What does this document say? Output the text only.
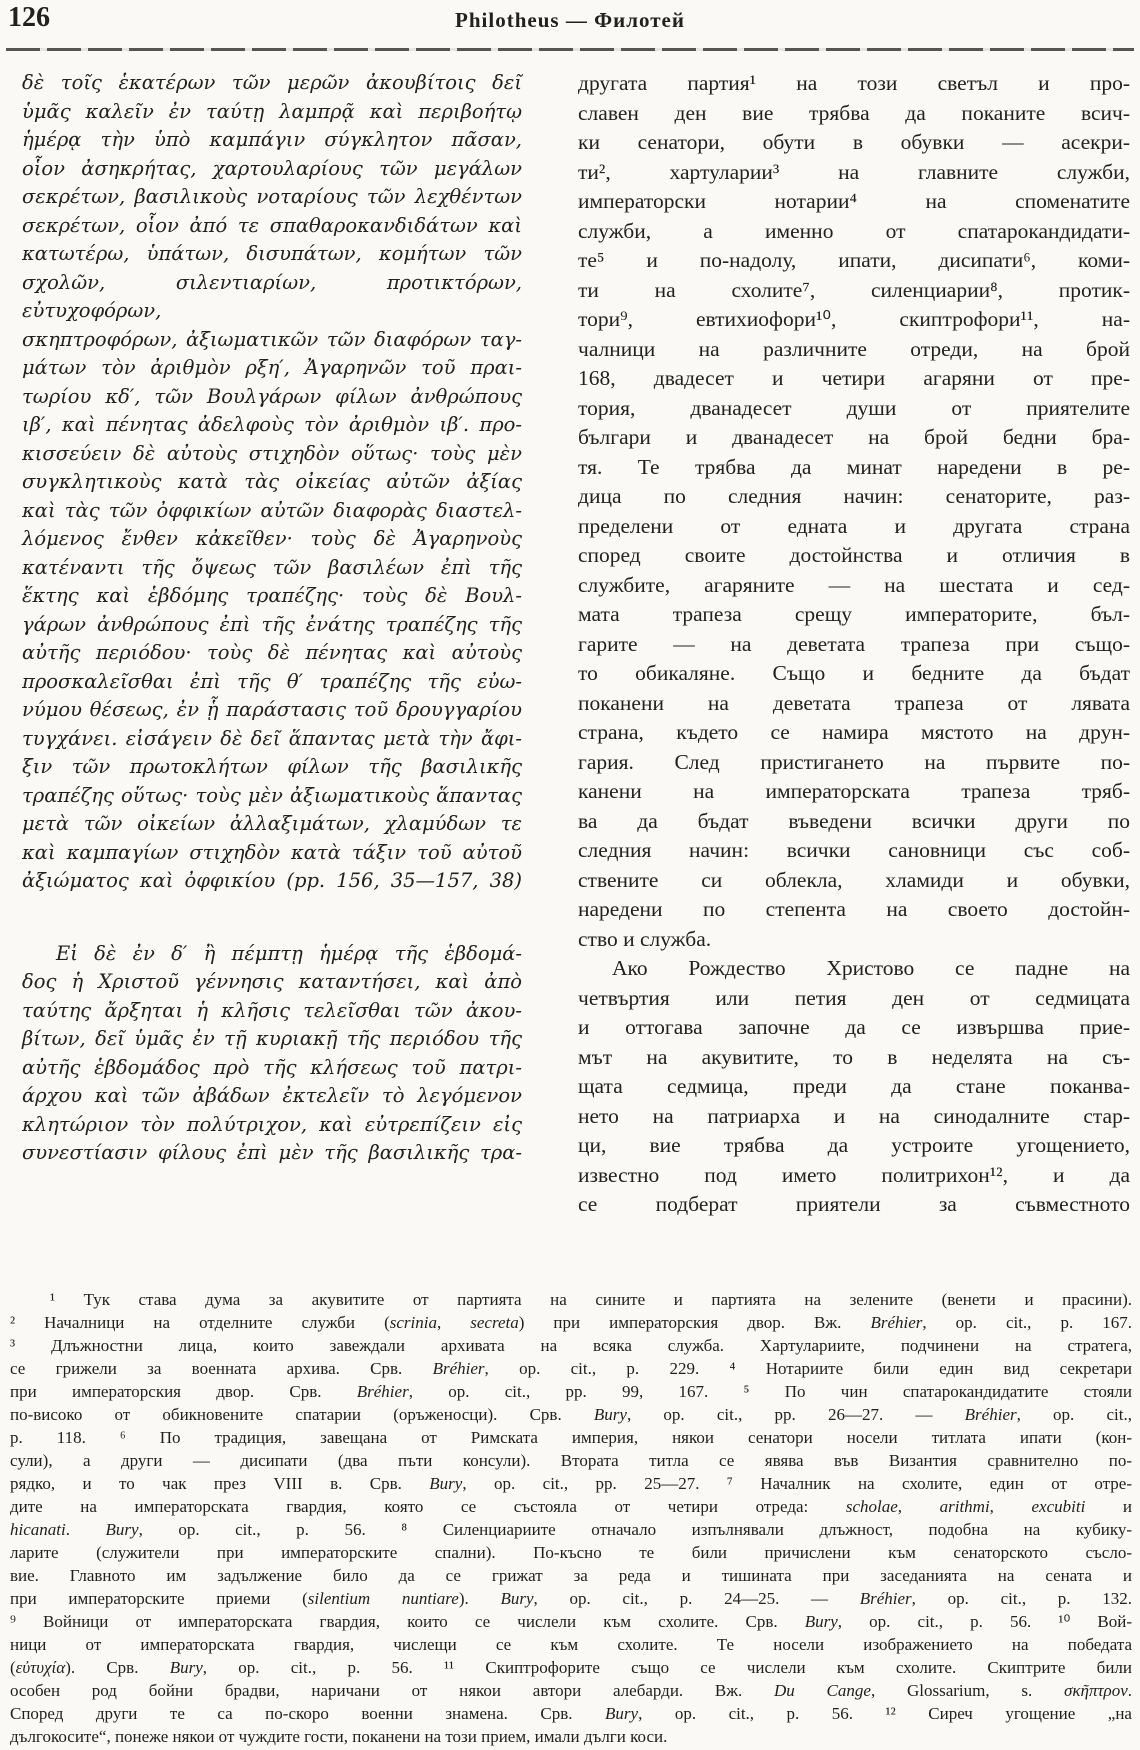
126	Philotheus — Филотей
δὲ τοῖς ἑκατέρων τῶν μερῶν ἀκουβίτοις δεῖ
ὑμᾶς καλεῖν ἐν ταύτῃ λαμπρᾷ καὶ περιβοήτῳ
ἡμέρᾳ τὴν ὑπὸ καμπάγιν σύγκλητον πᾶσαν,
οἷον ἀσηκρήτας, χαρτουλαρίους τῶν μεγάλων
σεκρέτων, βασιλικοὺς νοταρίους τῶν λεχθέντων
σεκρέτων, οἷον ἀπό τε σπαθαροκανδιδάτων καὶ
κατωτέρω, ὑπάτων, δισυπάτων, κομήτων τῶν
σχολῶν, σιλεντιαρίων, προτικτόρων, εὐτυχοφόρων,
σκηπτροφόρων, ἀξιωματικῶν τῶν διαφόρων ταγ-
μάτων τὸν ἀριθμὸν ρξη′, Ἀγαρηνῶν τοῦ πραι-
τωρίου κδ′, τῶν Βουλγάρων φίλων ἀνθρώπους
ιβ′, καὶ πένητας ἀδελφοὺς τὸν ἀριθμὸν ιβ′. προ-
κισσεύειν δὲ αὐτοὺς στιχηδὸν οὕτως· τοὺς μὲν
συγκλητικοὺς κατὰ τὰς οἰκείας αὐτῶν ἀξίας
καὶ τὰς τῶν ὀφφικίων αὐτῶν διαφορὰς διαστελ-
λόμενος ἔνθεν κἀκεῖθεν· τοὺς δὲ Ἀγαρηνοὺς
κατέναντι τῆς ὄψεως τῶν βασιλέων ἐπὶ τῆς
ἕκτης καὶ ἑβδόμης τραπέζης· τοὺς δὲ Βουλ-
γάρων ἀνθρώπους ἐπὶ τῆς ἐνάτης τραπέζης τῆς
αὐτῆς περιόδου· τοὺς δὲ πένητας καὶ αὐτοὺς
προσκαλεῖσθαι ἐπὶ τῆς θ′ τραπέζης τῆς εὐω-
νύμου θέσεως, ἐν ᾗ παράστασις τοῦ δρουγγαρίου
τυγχάνει. εἰσάγειν δὲ δεῖ ἅπαντας μετὰ τὴν ἄφι-
ξιν τῶν πρωτοκλήτων φίλων τῆς βασιλικῆς
τραπέζης οὕτως· τοὺς μὲν ἀξιωματικοὺς ἅπαντας
μετὰ τῶν οἰκείων ἀλλαξιμάτων, χλαμύδων τε
καὶ καμπαγίων στιχηδὸν κατὰ τάξιν τοῦ αὐτοῦ
ἀξιώματος καὶ ὀφφικίου (pp. 156, 35—157, 38)
Εἰ δὲ ἐν δ′ ἢ πέμπτῃ ἡμέρᾳ τῆς ἑβδομά-
δος ἡ Χριστοῦ γέννησις καταντήσει, καὶ ἀπὸ
ταύτης ἄρξηται ἡ κλῆσις τελεῖσθαι τῶν ἀκου-
βίτων, δεῖ ὑμᾶς ἐν τῇ κυριακῇ τῆς περιόδου τῆς
αὐτῆς ἑβδομάδος πρὸ τῆς κλήσεως τοῦ πατρι-
άρχου καὶ τῶν ἀβάδων ἐκτελεῖν τὸ λεγόμενον
κλητώριον τὸν πολύτριχον, καὶ εὐτρεπίζειν εἰς
συνεστίασιν φίλους ἐπὶ μὲν τῆς βασιλικῆς τρα-
другата партия¹ на този светъл и про-
славен ден вие трябва да поканите всич-
ки сенатори, обути в обувки — асекри-
ти², хартуларии³ на главните служби,
императорски нотарии⁴ на споменатите
служби, а именно от спатарокандидати-
те⁵ и по-надолу, ипати, дисипати⁶, коми-
ти на схолите⁷, силенциарии⁸, протик-
тори⁹, евтихиофори¹⁰, скиптрофори¹¹, на-
чалници на различните отреди, на брой
168, двадесет и четири агаряни от пре-
тория, дванадесет души от приятелите
българи и дванадесет на брой бедни бра-
тя. Те трябва да минат наредени в ре-
дица по следния начин: сенаторите, раз-
пределени от едната и другата страна
според своите достойнства и отличия в
службите, агаряните — на шестата и сед-
мата трапеза срещу императорите, бъл-
гарите — на деветата трапеза при също-
то обикаляне. Също и бедните да бъдат
поканени на деветата трапеза от лявата
страна, където се намира мястото на друн-
гария. След пристигането на първите по-
канени на императорската трапеза тряб-
ва да бъдат въведени всички други по
следния начин: всички сановници със соб-
ствените си облекла, хламиди и обувки,
наредени по степента на своето достойн-
ство и служба.
Ако Рождество Христово се падне на
четвъртия или петия ден от седмицата
и оттогава започне да се извършва прие-
мът на акувитите, то в неделята на съ-
щата седмица, преди да стане поканва-
нето на патриарха и на синодалните стар-
ци, вие трябва да устроите угощението,
известно под името политрихон¹², и да
се подберат приятели за съвместното
¹ Тук става дума за акувитите от партията на сините и партията на зелените (венети и прасини).
² Началници на отделните служби (scrinia, secreta) при императорския двор. Вж. Bréhier, op. cit., p. 167.
³ Длъжностни лица, които завеждали архивата на всяка служба. Хартулариите, подчинени на стратега,
се грижели за военната архива. Срв. Bréhier, op. cit., p. 229. ⁴ Нотариите били един вид секретари
при императорския двор. Срв. Bréhier, op. cit., pp. 99, 167. ⁵ По чин спатарокандидатите стояли
по-високо от обикновените спатарии (оръженосци). Срв. Bury, op. cit., pp. 26—27. — Bréhier, op. cit.,
p. 118. ⁶ По традиция, завещана от Римската империя, някои сенатори носели титлата ипати (кон-
сули), а други — дисипати (два пъти консули). Втората титла се явява във Византия сравнително по-
рядко, и то чак през VIII в. Срв. Bury, op. cit., pp. 25—27. ⁷ Началник на схолите, един от отре-
дите на императорската гвардия, която се състояла от четири отреда: scholae, arithmi, excubiti и
hicanati. Bury, op. cit., p. 56. ⁸ Силенциариите отначало изпълнявали длъжност, подобна на кубику-
ларите (служители при императорските спални). По-късно те били причислени към сенаторското съсло-
вие. Главното им задължение било да се грижат за реда и тишината при заседанията на сената и
при императорските приеми (silentium nuntiare). Bury, op. cit., p. 24—25. — Bréhier, op. cit., p. 132.
⁹ Войници от императорската гвардия, които се числели към схолите. Срв. Bury, op. cit., p. 56. ¹⁰ Вой-
ници от императорската гвардия, числещи се към схолите. Те носели изображението на победата
(εὐτυχία). Срв. Bury, op. cit., p. 56. ¹¹ Скиптрофорите също се числели към схолите. Скиптрите били
особен род бойни брадви, наричани от някои автори алебарди. Вж. Du Cange, Glossarium, s. σκῆπτρον.
Според други те са по-скоро военни знамена. Срв. Bury, op. cit., p. 56. ¹² Сиреч угощение „на
дългокосите“, понеже някои от чуждите гости, поканени на този прием, имали дълги коси.
